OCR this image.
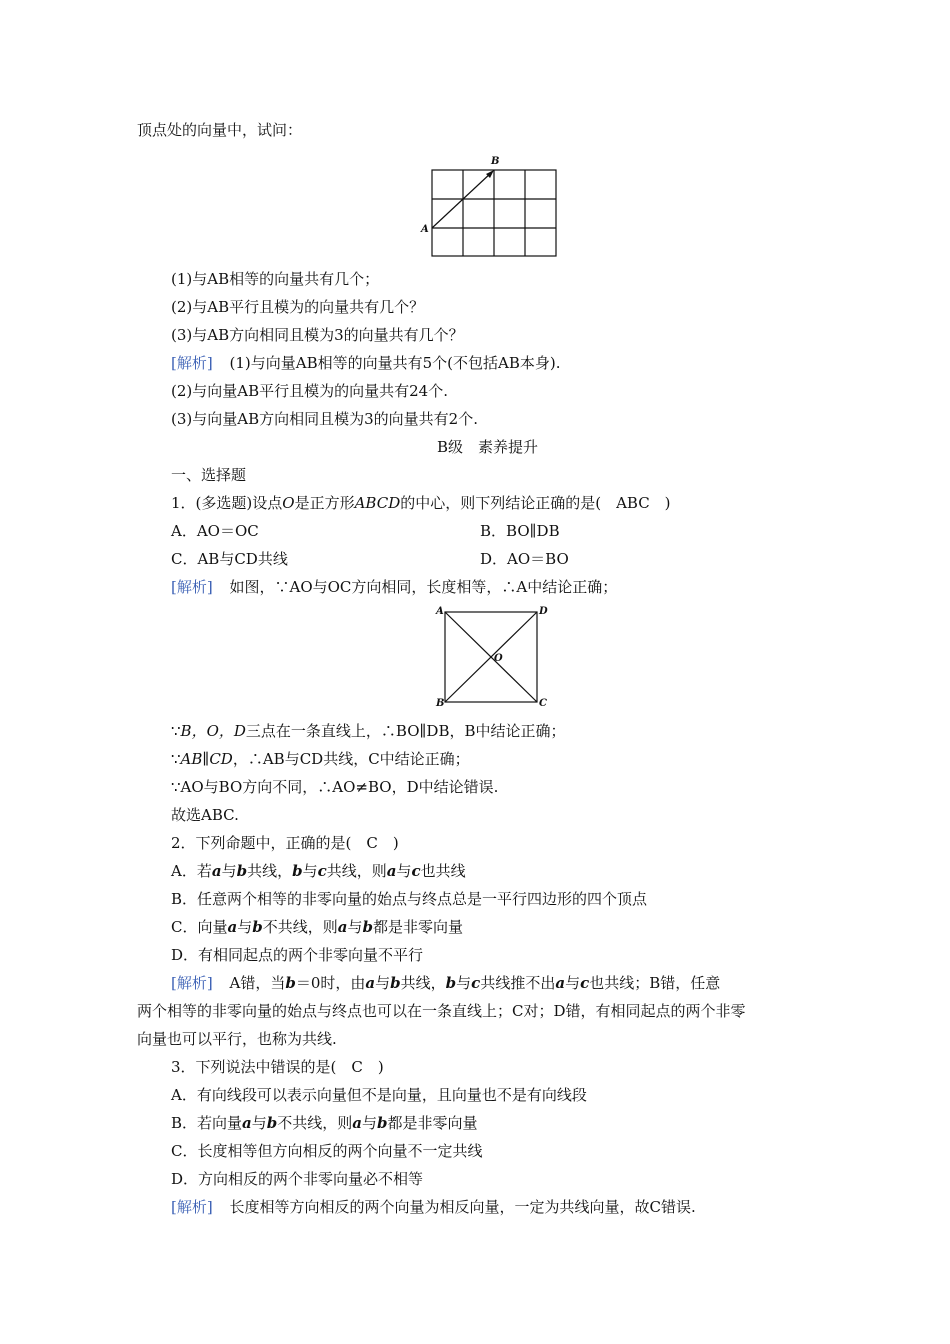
顶点处的向量中，试问：
A
B
(1)与AB相等的向量共有几个；
(2)与AB平行且模为的向量共有几个？
(3)与AB方向相同且模为3的向量共有几个？
[解析] (1)与向量AB相等的向量共有5个(不包括AB本身).
(2)与向量AB平行且模为的向量共有24个.
(3)与向量AB方向相同且模为3的向量共有2个.
B级　素养提升
一、选择题
1．(多选题)设点O是正方形ABCD的中心，则下列结论正确的是(　ABC　)
A．AO＝OC	B．BO∥DB
C．AB与CD共线	D．AO＝BO
[解析] 如图，∵AO与OC方向相同，长度相等，∴A中结论正确；
A	D
B	C
O
∵B，O，D三点在一条直线上，∴BO∥DB，B中结论正确；
∵AB∥CD，∴AB与CD共线，C中结论正确；
∵AO与BO方向不同，∴AO≠BO，D中结论错误.
故选ABC.
2．下列命题中，正确的是(　C　)
A．若a与b共线，b与c共线，则a与c也共线
B．任意两个相等的非零向量的始点与终点总是一平行四边形的四个顶点
C．向量a与b不共线，则a与b都是非零向量
D．有相同起点的两个非零向量不平行
[解析] A错，当b＝0时，由a与b共线，b与c共线推不出a与c也共线；B错，任意
两个相等的非零向量的始点与终点也可以在一条直线上；C对；D错，有相同起点的两个非零
向量也可以平行，也称为共线.
3．下列说法中错误的是(　C　)
A．有向线段可以表示向量但不是向量，且向量也不是有向线段
B．若向量a与b不共线，则a与b都是非零向量
C．长度相等但方向相反的两个向量不一定共线
D．方向相反的两个非零向量必不相等
[解析] 长度相等方向相反的两个向量为相反向量，一定为共线向量，故C错误.
